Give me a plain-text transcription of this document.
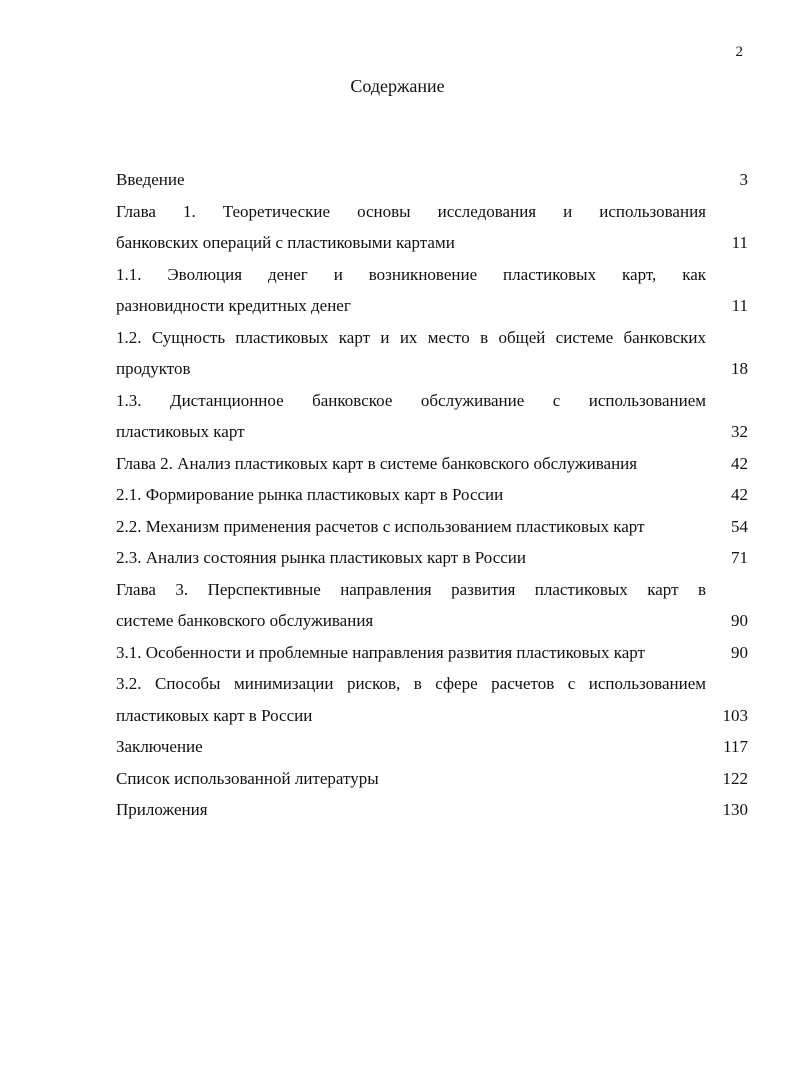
2
Содержание
Введение	3
Глава 1. Теоретические основы исследования и использования
банковских операций с пластиковыми картами	11
1.1. Эволюция денег и возникновение пластиковых карт, как
разновидности кредитных денег	11
1.2. Сущность пластиковых карт и их место в общей системе банковских
продуктов	18
1.3. Дистанционное банковское обслуживание с использованием
пластиковых карт	32
Глава 2. Анализ пластиковых карт в системе банковского обслуживания	42
2.1. Формирование рынка пластиковых карт в России	42
2.2. Механизм применения расчетов с использованием пластиковых карт	54
2.3. Анализ состояния рынка пластиковых карт в России	71
Глава 3. Перспективные направления развития пластиковых карт в
системе банковского обслуживания	90
3.1. Особенности и проблемные направления развития пластиковых карт	90
3.2. Способы минимизации рисков, в сфере расчетов с использованием
пластиковых карт в России	103
Заключение	117
Список использованной литературы	122
Приложения	130
